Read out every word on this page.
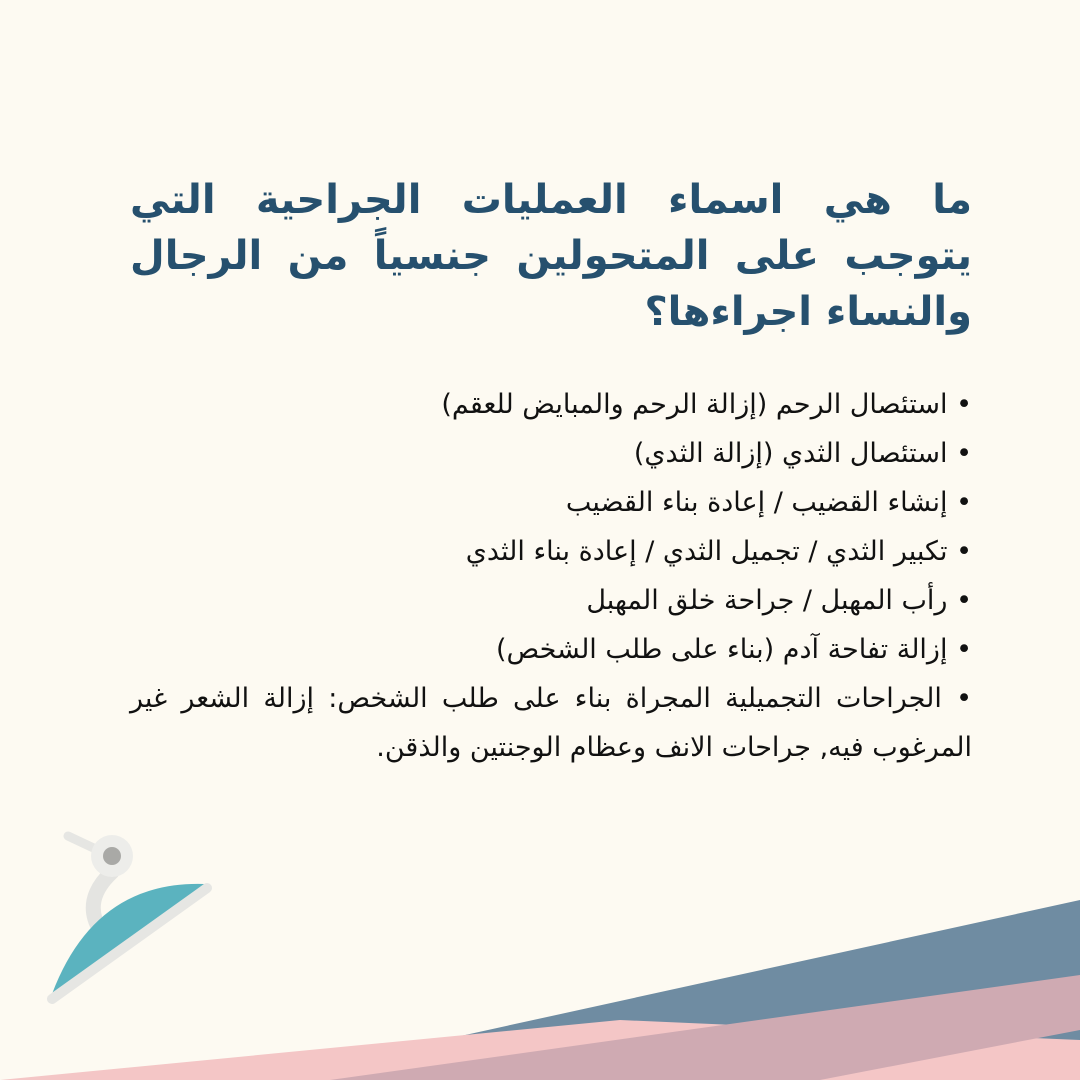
ما هي اسماء العمليات الجراحية التي يتوجب على المتحولين جنسياً من الرجال والنساء اجراءها؟
• استئصال الرحم (إزالة الرحم والمبايض للعقم)
• استئصال الثدي (إزالة الثدي)
• إنشاء القضيب / إعادة بناء القضيب
• تكبير الثدي / تجميل الثدي / إعادة بناء الثدي
• رأب المهبل / جراحة خلق المهبل
• إزالة تفاحة آدم (بناء على طلب الشخص)
• الجراحات التجميلية المجراة بناء على طلب الشخص: إزالة الشعر غير المرغوب فيه, جراحات الانف وعظام الوجنتين والذقن.
